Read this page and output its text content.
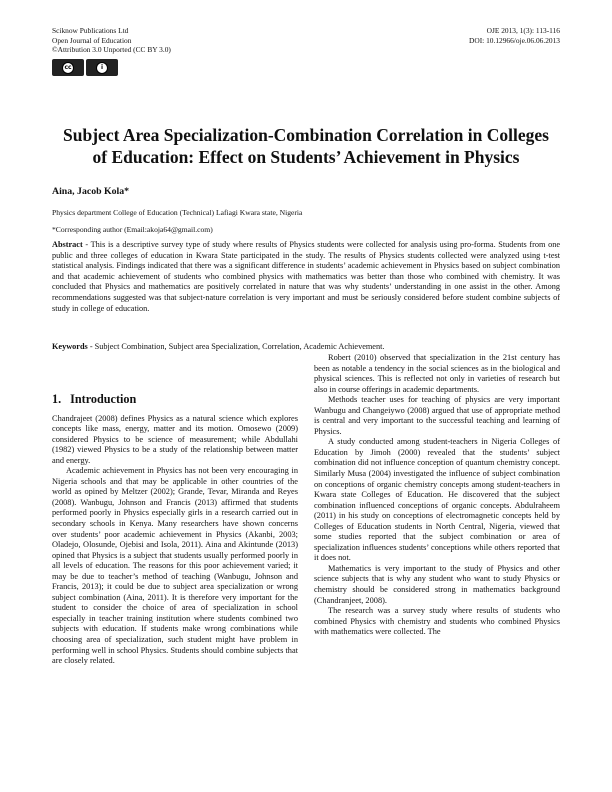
Sciknow Publications Ltd
Open Journal of Education
©Attribution 3.0 Unported (CC BY 3.0)
OJE 2013, 1(3): 113-116
DOI: 10.12966/oje.06.06.2013
cc	i
Subject Area Specialization-Combination Correlation in Colleges
of Education: Effect on Students’ Achievement in Physics
Aina, Jacob Kola*
Physics department College of Education (Technical) Lafiagi Kwara state, Nigeria
*Corresponding author (Email:akoja64@gmail.com)
Abstract - This is a descriptive survey type of study where results of Physics students were collected for analysis using pro-forma. Students from one public and three colleges of education in Kwara State participated in the study. The results of Physics students collected were analyzed using t-test statistical analysis. Findings indicated that there was a significant difference in students’ academic achievement in Physics based on subject combination and that academic achievement of students who combined physics with mathematics was better than those who combined with chemistry. It was concluded that Physics and mathematics are positively correlated in nature that was why students’ understanding in one assist in the other. Among recommendations suggested was that subject-nature correlation is very important and must be seriously considered before student combine subjects of study in college of education.
Keywords - Subject Combination, Subject area Specialization, Correlation, Academic Achievement.
1. Introduction

Chandrajeet (2008) defines Physics as a natural science which explores concepts like mass, energy, matter and its motion. Omosewo (2009) considered Physics to be science of measurement; while Abdullahi (1982) viewed Physics to be a study of the relationship between matter and energy.

Academic achievement in Physics has not been very encouraging in Nigeria schools and that may be applicable in other countries of the world as opined by Meltzer (2002); Grande, Tevar, Miranda and Reyes (2008). Wanbugu, Johnson and Francis (2013) affirmed that students performed poorly in Physics especially girls in a research carried out in secondary schools in Kenya. Many researchers have shown concerns over students’ poor academic achievement in Physics (Akanbi, 2003; Oladejo, Olosunde, Ojebisi and Isola, 2011). Aina and Akintunde (2013) opined that Physics is a subject that students usually performed poorly in all levels of education. The reasons for this poor achievement varied; it may be due to teacher’s method of teaching (Wanbugu, Johnson and Francis, 2013); it could be due to subject area specialization or wrong subject combination (Aina, 2011). It is therefore very important for the student to consider the choice of area of specialization in school especially in teacher training institution where students combined two subjects with education. If students make wrong combinations while choosing area of specialization, such student might have problem in performing well in school Physics. Students should combine subjects that are closely related.

Robert (2010) observed that specialization in the 21st century has been as notable a tendency in the social sciences as in the biological and physical sciences. This is reflected not only in varieties of research but also in course offerings in academic departments.

Methods teacher uses for teaching of physics are very important Wanbugu and Changeiywo (2008) argued that use of appropriate method is central and very important to the successful teaching and learning of Physics.

A study conducted among student-teachers in Nigeria Colleges of Education by Jimoh (2000) revealed that the students’ subject combination did not influence conception of quantum chemistry concept. Similarly Musa (2004) investigated the influence of subject combination on conceptions of organic chemistry concepts among student-teachers in Kwara state Colleges of Education. He discovered that the subject combination influenced conceptions of organic concepts. Abdulraheem (2011) in his study on conceptions of electromagnetic concepts held by Colleges of Education students in North Central, Nigeria, viewed that some studies reported that the subject combination or area of specialization influences students’ conceptions while others reported that it does not.

Mathematics is very important to the study of Physics and other science subjects that is why any student who want to study Physics or chemistry should be considered strong in mathematics background (Chandranjeet, 2008).

The research was a survey study where results of students who combined Physics with chemistry and students who combined Physics with mathematics were collected. The
